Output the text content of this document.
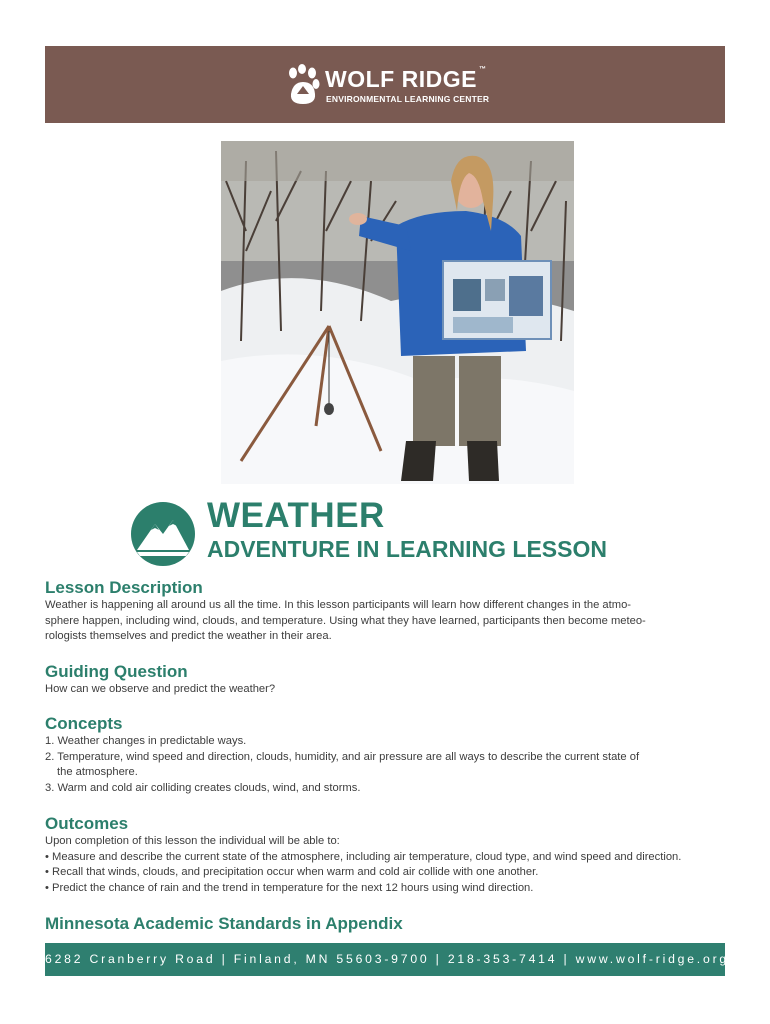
WOLF RIDGE ™
ENVIRONMENTAL LEARNING CENTER
WEATHER
ADVENTURE IN LEARNING LESSON
Lesson Description

Weather is happening all around us all the time. In this lesson participants will learn how different changes in the atmo-

sphere happen, including wind, clouds, and temperature. Using what they have learned, participants then become meteo-

rologists themselves and predict the weather in their area.

Guiding Question

How can we observe and predict the weather?

Concepts

1. Weather changes in predictable ways.

2. Temperature, wind speed and direction, clouds, humidity, and air pressure are all ways to describe the current state of

the atmosphere.

3. Warm and cold air colliding creates clouds, wind, and storms.

Outcomes

Upon completion of this lesson the individual will be able to:

• Measure and describe the current state of the atmosphere, including air temperature, cloud type, and wind speed and direction.

• Recall that winds, clouds, and precipitation occur when warm and cold air collide with one another.

• Predict the chance of rain and the trend in temperature for the next 12 hours using wind direction.

Minnesota Academic Standards in Appendix
6282 Cranberry Road | Finland, MN 55603-9700 | 218-353-7414 | www.wolf-ridge.org
